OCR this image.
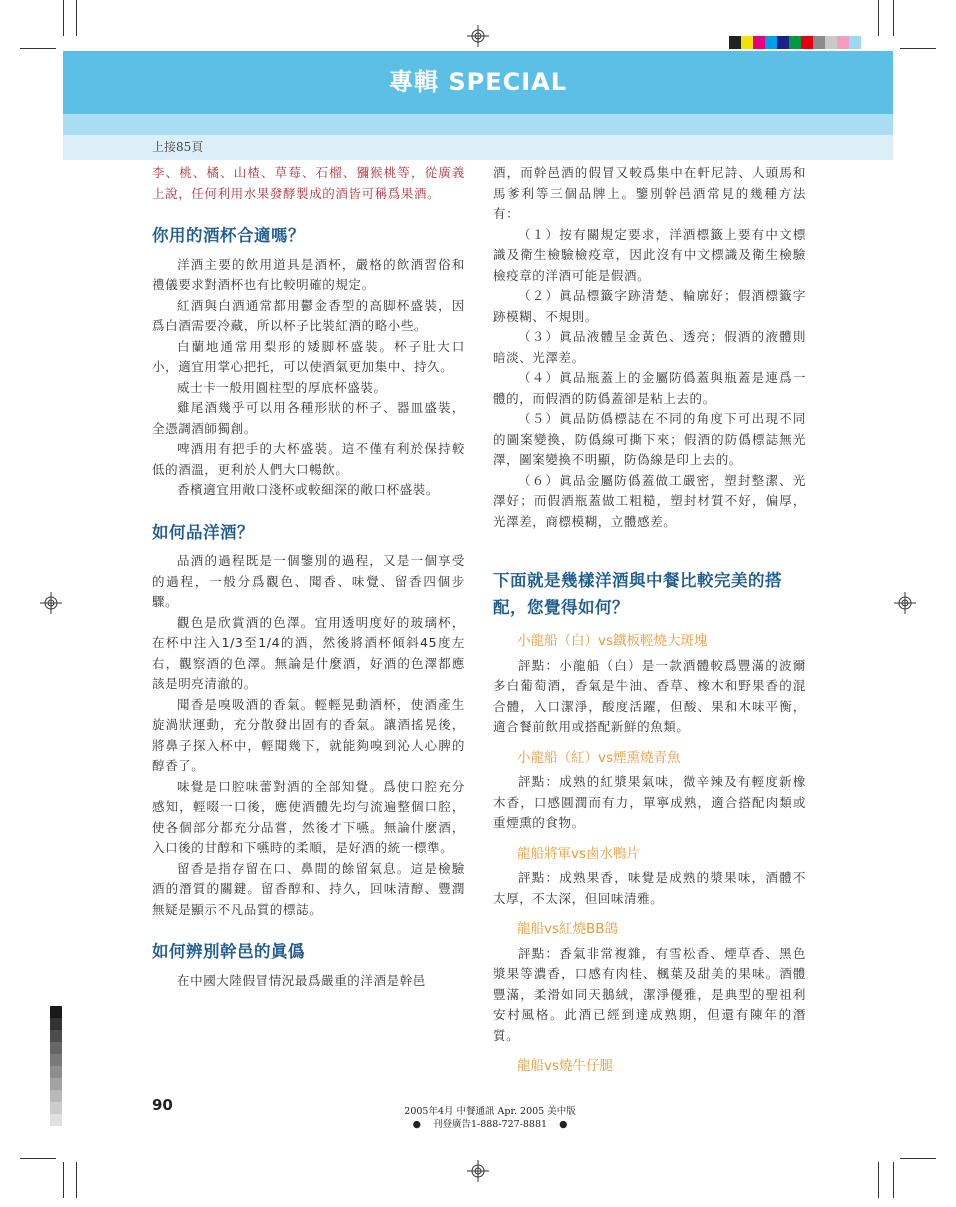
專輯 SPECIAL
上接85頁

李、桃、橘、山楂、草莓、石榴、獼猴桃等，從廣義上說，任何利用水果發酵製成的酒皆可稱爲果酒。

你用的酒杯合適嗎？

洋酒主要的飲用道具是酒杯，嚴格的飲酒習俗和禮儀要求對酒杯也有比較明確的規定。

紅酒與白酒通常都用鬱金香型的高脚杯盛裝，因爲白酒需要冷藏，所以杯子比裝紅酒的略小些。

白蘭地通常用梨形的矮脚杯盛裝。杯子肚大口小，適宜用掌心把托，可以使酒氣更加集中、持久。

威士卡一般用圓柱型的厚底杯盛裝。

雞尾酒幾乎可以用各種形狀的杯子、器皿盛裝，全憑調酒師獨創。

啤酒用有把手的大杯盛裝。這不僅有利於保持較低的酒溫，更利於人們大口暢飲。

香檳適宜用敞口淺杯或較細深的敞口杯盛裝。

如何品洋酒？

品酒的過程既是一個鑒別的過程，又是一個享受的過程，一般分爲觀色、聞香、味覺、留香四個步驟。

觀色是欣賞酒的色澤。宜用透明度好的玻璃杯，在杯中注入1/3至1/4的酒，然後將酒杯傾斜45度左右，觀察酒的色澤。無論是什麼酒，好酒的色澤都應該是明亮清澈的。

聞香是嗅吸酒的香氣。輕輕晃動酒杯，使酒產生旋渦狀運動，充分散發出固有的香氣。讓酒搖晃後，將鼻子探入杯中，輕聞幾下，就能夠嗅到沁人心脾的醇香了。

味覺是口腔味蕾對酒的全部知覺。爲使口腔充分感知，輕啜一口後，應使酒體先均勻流遍整個口腔，使各個部分都充分品嘗，然後才下嚥。無論什麼酒，入口後的甘醇和下嚥時的柔順，是好酒的統一標準。

留香是指存留在口、鼻間的餘留氣息。這是檢驗酒的潛質的關鍵。留香醇和、持久，回味清醇、豐潤無疑是顯示不凡品質的標誌。

如何辨別幹邑的眞僞

在中國大陸假冒情況最爲嚴重的洋酒是幹邑

酒，而幹邑酒的假冒又較爲集中在軒尼詩、人頭馬和馬爹利等三個品牌上。鑒別幹邑酒常見的幾種方法有：

（１）按有關規定要求，洋酒標籤上要有中文標識及衛生檢驗檢疫章，因此沒有中文標識及衛生檢驗檢疫章的洋酒可能是假酒。

（２）眞品標籤字跡清楚、輪廓好；假酒標籤字跡模糊、不規則。

（３）眞品液體呈金黃色、透亮；假酒的液體則暗淡、光澤差。

（４）眞品瓶蓋上的金屬防僞蓋與瓶蓋是連爲一體的，而假酒的防僞蓋卻是粘上去的。

（５）眞品防僞標誌在不同的角度下可出現不同的圖案變換，防僞線可撕下來；假酒的防僞標誌無光澤，圖案變換不明顯，防偽線是印上去的。

（６）眞品金屬防僞蓋做工嚴密，塑封整潔、光澤好；而假酒瓶蓋做工粗糙，塑封材質不好，偏厚，光澤差，商標模糊，立體感差。

下面就是幾樣洋酒與中餐比較完美的搭配，您覺得如何？
小龍船（白）vs鐵板輕燒大斑塊

評點：小龍船（白）是一款酒體較爲豐滿的波爾多白葡萄酒，香氣是牛油、香草、橡木和野果香的混合體，入口潔淨，酸度活躍，但酸、果和木味平衡，適合餐前飲用或搭配新鮮的魚類。

小龍船（紅）vs煙熏燒青魚

評點：成熟的紅漿果氣味，微辛辣及有輕度新橡木香，口感圓潤而有力，單寧成熟，適合搭配肉類或重煙熏的食物。

龍船將軍vs鹵水鴨片

評點：成熟果香，味覺是成熟的漿果味，酒體不太厚，不太深，但回味清雅。

龍船vs紅燒BB鴿

評點：香氣非常複雜，有雪松香、煙草香、黑色漿果等濃香，口感有肉桂、楓葉及甜美的果味。酒體豐滿，柔滑如同天鵝絨，潔淨優雅，是典型的聖祖利安村風格。此酒已經到達成熟期，但還有陳年的潛質。

龍船vs燒牛仔腿
90	2005年4月 中餐通訊 Apr. 2005 美中版
●    刊登廣告1-888-727-8881    ●
